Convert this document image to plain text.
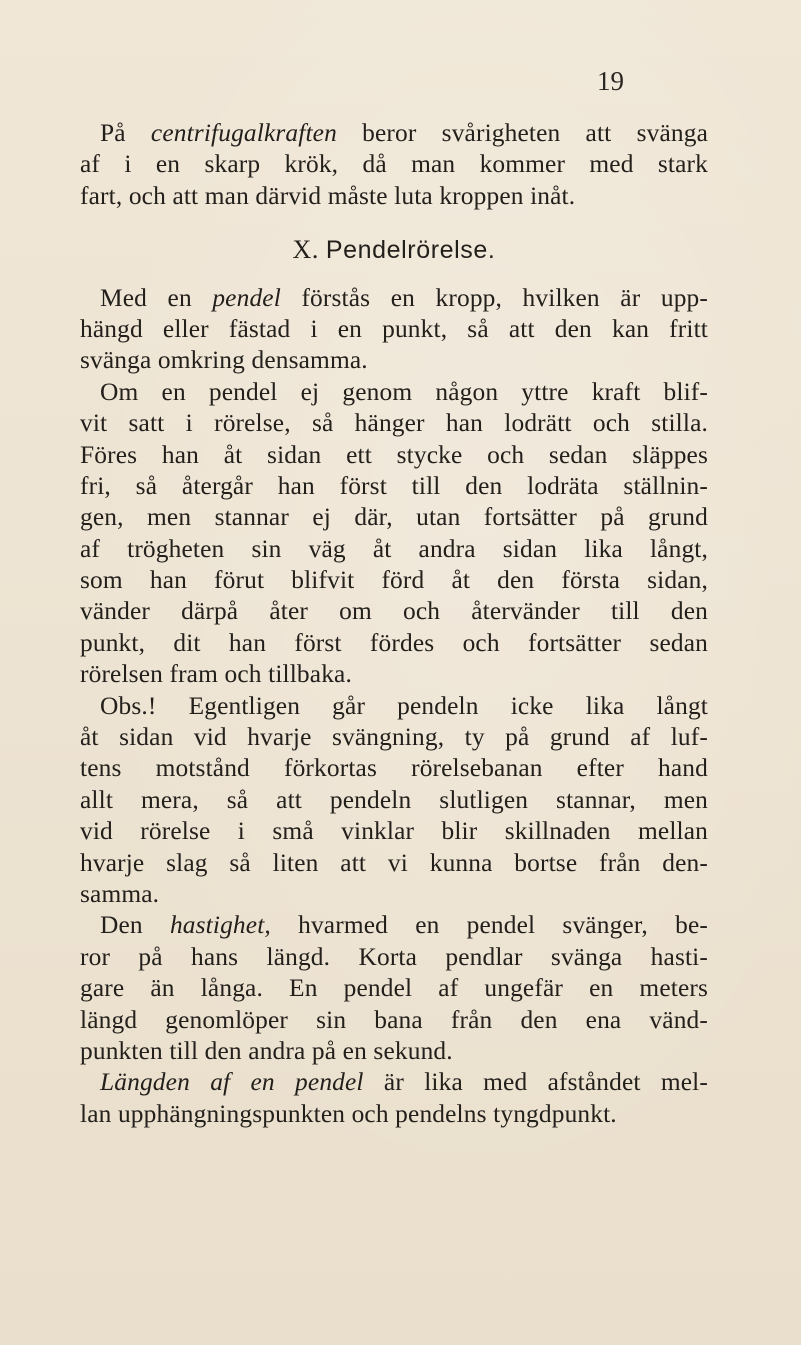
19
På centrifugalkraften beror svårigheten att svänga
af i en skarp krök, då man kommer med stark
fart, och att man därvid måste luta kroppen inåt.
X. Pendelrörelse.
Med en pendel förstås en kropp, hvilken är upp-
hängd eller fästad i en punkt, så att den kan fritt
svänga omkring densamma.
Om en pendel ej genom någon yttre kraft blif-
vit satt i rörelse, så hänger han lodrätt och stilla.
Föres han åt sidan ett stycke och sedan släppes
fri, så återgår han först till den lodräta ställnin-
gen, men stannar ej där, utan fortsätter på grund
af trögheten sin väg åt andra sidan lika långt,
som han förut blifvit förd åt den första sidan,
vänder därpå åter om och återvänder till den
punkt, dit han först fördes och fortsätter sedan
rörelsen fram och tillbaka.
Obs.! Egentligen går pendeln icke lika långt
åt sidan vid hvarje svängning, ty på grund af luf-
tens motstånd förkortas rörelsebanan efter hand
allt mera, så att pendeln slutligen stannar, men
vid rörelse i små vinklar blir skillnaden mellan
hvarje slag så liten att vi kunna bortse från den-
samma.
Den hastighet, hvarmed en pendel svänger, be-
ror på hans längd. Korta pendlar svänga hasti-
gare än långa. En pendel af ungefär en meters
längd genomlöper sin bana från den ena vänd-
punkten till den andra på en sekund.
Längden af en pendel är lika med afståndet mel-
lan upphängningspunkten och pendelns tyngdpunkt.
